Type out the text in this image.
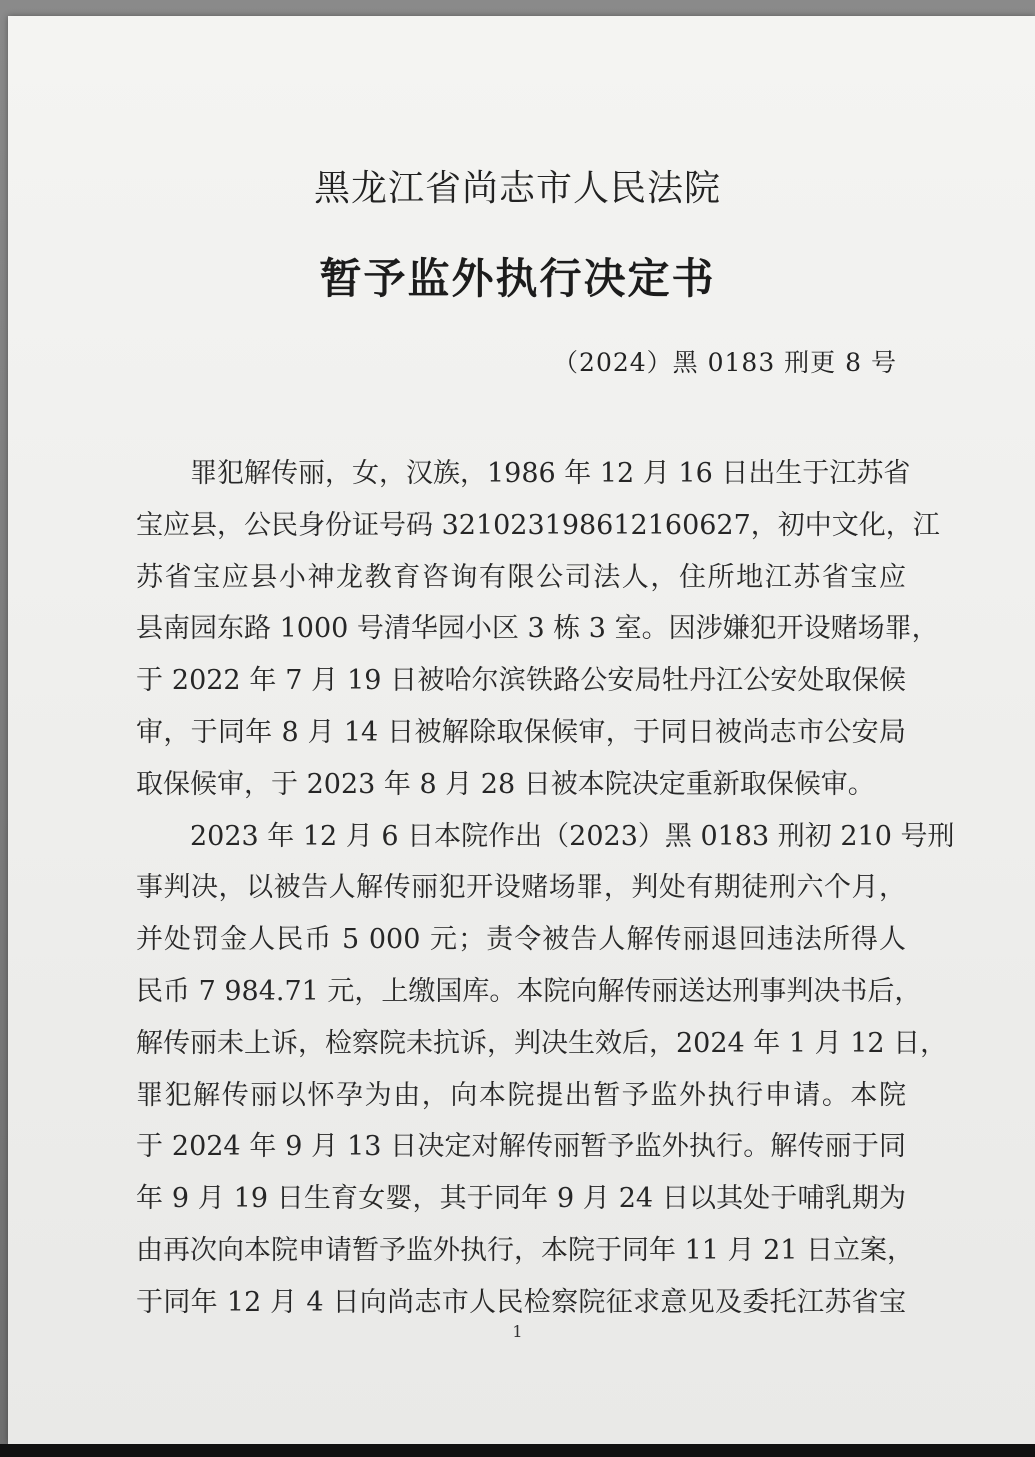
黑龙江省尚志市人民法院
暂予监外执行决定书
（2024）黑 0183 刑更 8 号
　　罪犯解传丽，女，汉族，1986 年 12 月 16 日出生于江苏省
宝应县，公民身份证号码 321023198612160627，初中文化，江
苏省宝应县小神龙教育咨询有限公司法人，住所地江苏省宝应
县南园东路 1000 号清华园小区 3 栋 3 室。因涉嫌犯开设赌场罪，
于 2022 年 7 月 19 日被哈尔滨铁路公安局牡丹江公安处取保候
审，于同年 8 月 14 日被解除取保候审，于同日被尚志市公安局
取保候审，于 2023 年 8 月 28 日被本院决定重新取保候审。
　　2023 年 12 月 6 日本院作出（2023）黑 0183 刑初 210 号刑
事判决，以被告人解传丽犯开设赌场罪，判处有期徒刑六个月，
并处罚金人民币 5 000 元；责令被告人解传丽退回违法所得人
民币 7 984.71 元，上缴国库。本院向解传丽送达刑事判决书后，
解传丽未上诉，检察院未抗诉，判决生效后，2024 年 1 月 12 日，
罪犯解传丽以怀孕为由，向本院提出暂予监外执行申请。本院
于 2024 年 9 月 13 日决定对解传丽暂予监外执行。解传丽于同
年 9 月 19 日生育女婴，其于同年 9 月 24 日以其处于哺乳期为
由再次向本院申请暂予监外执行，本院于同年 11 月 21 日立案，
于同年 12 月 4 日向尚志市人民检察院征求意见及委托江苏省宝
1
